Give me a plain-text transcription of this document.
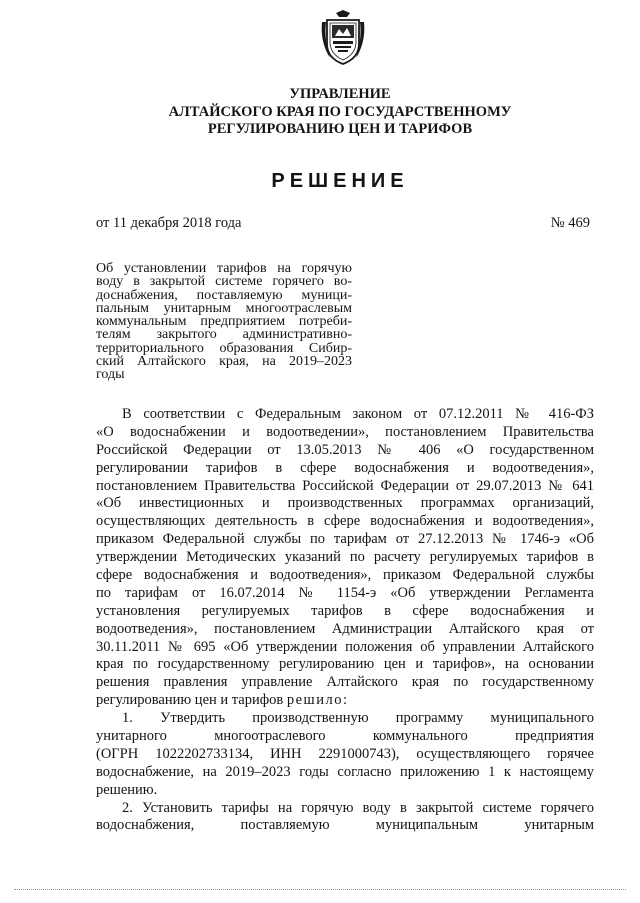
УПРАВЛЕНИЕ
АЛТАЙСКОГО КРАЯ ПО ГОСУДАРСТВЕННОМУ
РЕГУЛИРОВАНИЮ ЦЕН И ТАРИФОВ
РЕШЕНИЕ
от 11 декабря 2018 года	№ 469
Об установлении тарифов на горячую
воду в закрытой системе горячего во-
доснабжения, поставляемую муници-
пальным унитарным многоотраслевым
коммунальным предприятием потреби-
телям закрытого административно-
территориального образования Сибир-
ский Алтайского края, на 2019–2023
годы
В соответствии с Федеральным законом от 07.12.2011 № 416-ФЗ
«О водоснабжении и водоотведении», постановлением Правительства
Российской Федерации от 13.05.2013 № 406 «О государственном
регулировании тарифов в сфере водоснабжения и водоотведения»,
постановлением Правительства Российской Федерации от 29.07.2013 № 641
«Об инвестиционных и производственных программах организаций,
осуществляющих деятельность в сфере водоснабжения и водоотведения»,
приказом Федеральной службы по тарифам от 27.12.2013 № 1746-э «Об
утверждении Методических указаний по расчету регулируемых тарифов в
сфере водоснабжения и водоотведения», приказом Федеральной службы
по тарифам от 16.07.2014 № 1154-э «Об утверждении Регламента
установления регулируемых тарифов в сфере водоснабжения и
водоотведения», постановлением Администрации Алтайского края от
30.11.2011 № 695 «Об утверждении положения об управлении Алтайского
края по государственному регулированию цен и тарифов», на основании
решения правления управление Алтайского края по государственному
регулированию цен и тарифов решило:
1. Утвердить производственную программу муниципального
унитарного многоотраслевого коммунального предприятия
(ОГРН 1022202733134, ИНН 2291000743), осуществляющего горячее
водоснабжение, на 2019–2023 годы согласно приложению 1 к настоящему
решению.
2. Установить тарифы на горячую воду в закрытой системе горячего
водоснабжения, поставляемую муниципальным унитарным
